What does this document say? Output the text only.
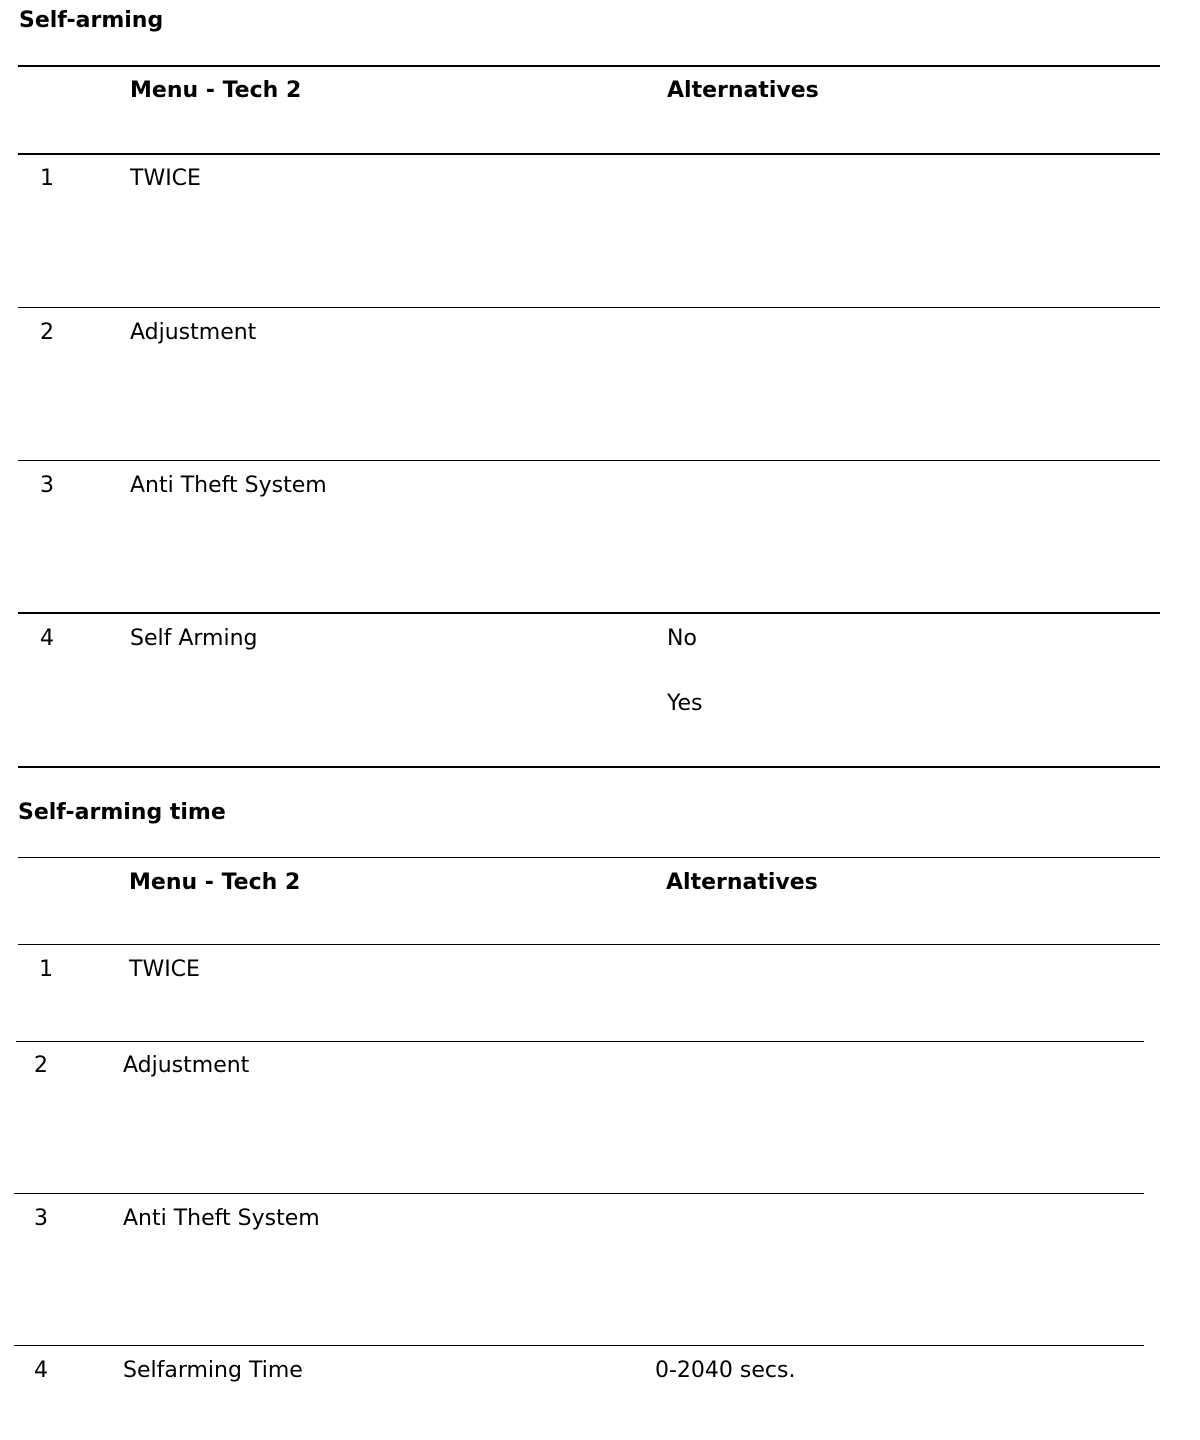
Self-arming
Menu - Tech 2	Alternatives
1	TWICE
2	Adjustment
3	Anti Theft System
4	Self Arming	No
Yes
Self-arming time
Menu - Tech 2	Alternatives
1	TWICE
2	Adjustment
3	Anti Theft System
4	Selfarming Time	0-2040 secs.
